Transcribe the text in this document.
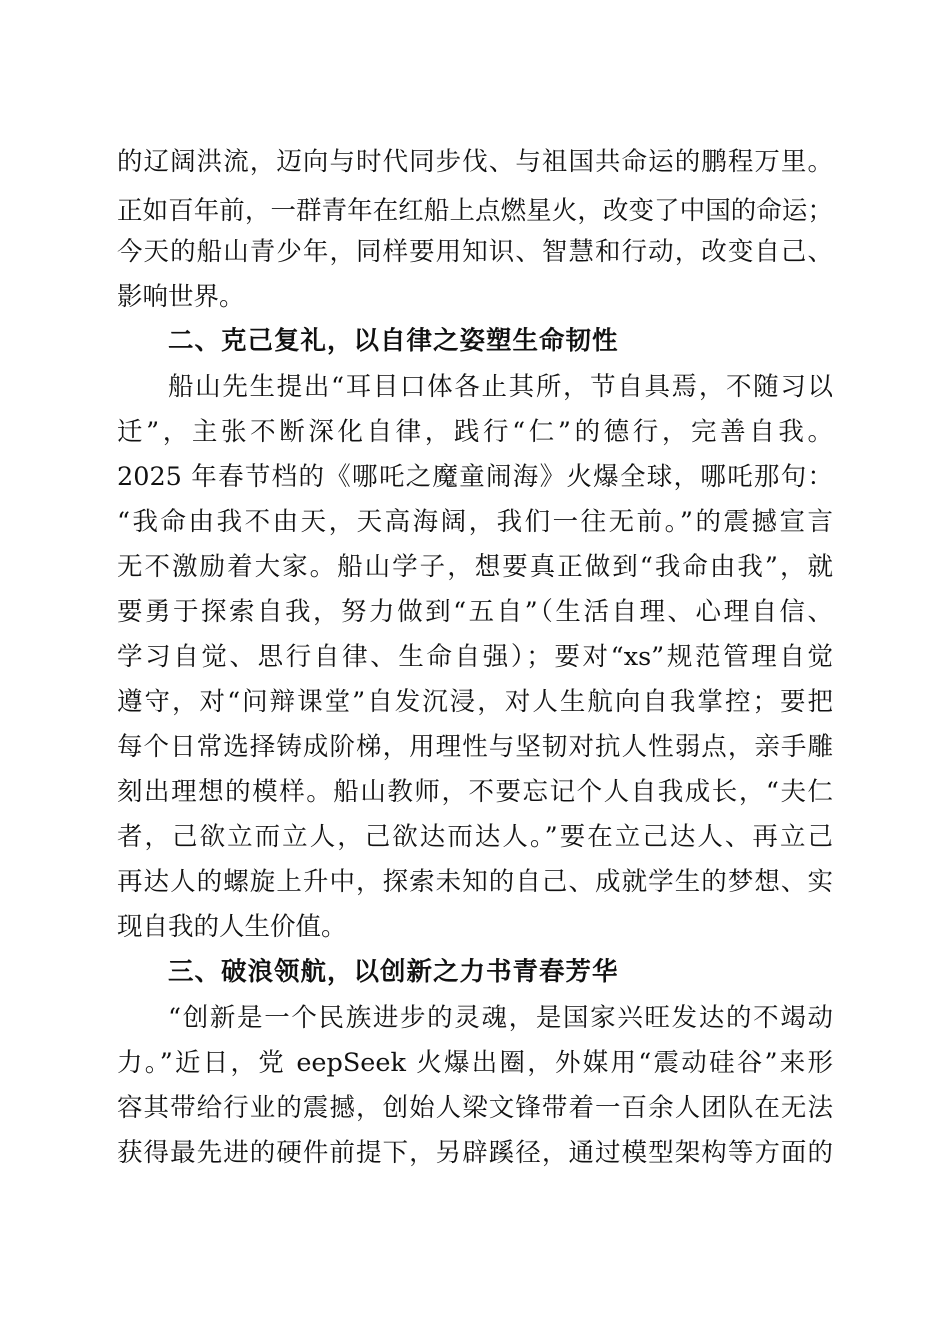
的辽阔洪流，迈向与时代同步伐、与祖国共命运的鹏程万里。
正如百年前，一群青年在红船上点燃星火，改变了中国的命运；
今天的船山青少年，同样要用知识、智慧和行动，改变自己、
影响世界。
二、克己复礼，以自律之姿塑生命韧性
船山先生提出“耳目口体各止其所，节自具焉，不随习以
迁”，主张不断深化自律，践行“仁”的德行，完善自我。
2025 年春节档的《哪吒之魔童闹海》火爆全球，哪吒那句：
“我命由我不由天，天高海阔，我们一往无前。”的震撼宣言
无不激励着大家。船山学子，想要真正做到“我命由我”，就
要勇于探索自我，努力做到“五自”（生活自理、心理自信、
学习自觉、思行自律、生命自强）；要对“xs”规范管理自觉
遵守，对“问辩课堂”自发沉浸，对人生航向自我掌控；要把
每个日常选择铸成阶梯，用理性与坚韧对抗人性弱点，亲手雕
刻出理想的模样。船山教师，不要忘记个人自我成长，“夫仁
者，己欲立而立人，己欲达而达人。”要在立己达人、再立己
再达人的螺旋上升中，探索未知的自己、成就学生的梦想、实
现自我的人生价值。
三、破浪领航，以创新之力书青春芳华
“创新是一个民族进步的灵魂，是国家兴旺发达的不竭动
力。”近日，党 eepSeek 火爆出圈，外媒用“震动硅谷”来形
容其带给行业的震撼，创始人梁文锋带着一百余人团队在无法
获得最先进的硬件前提下，另辟蹊径，通过模型架构等方面的
